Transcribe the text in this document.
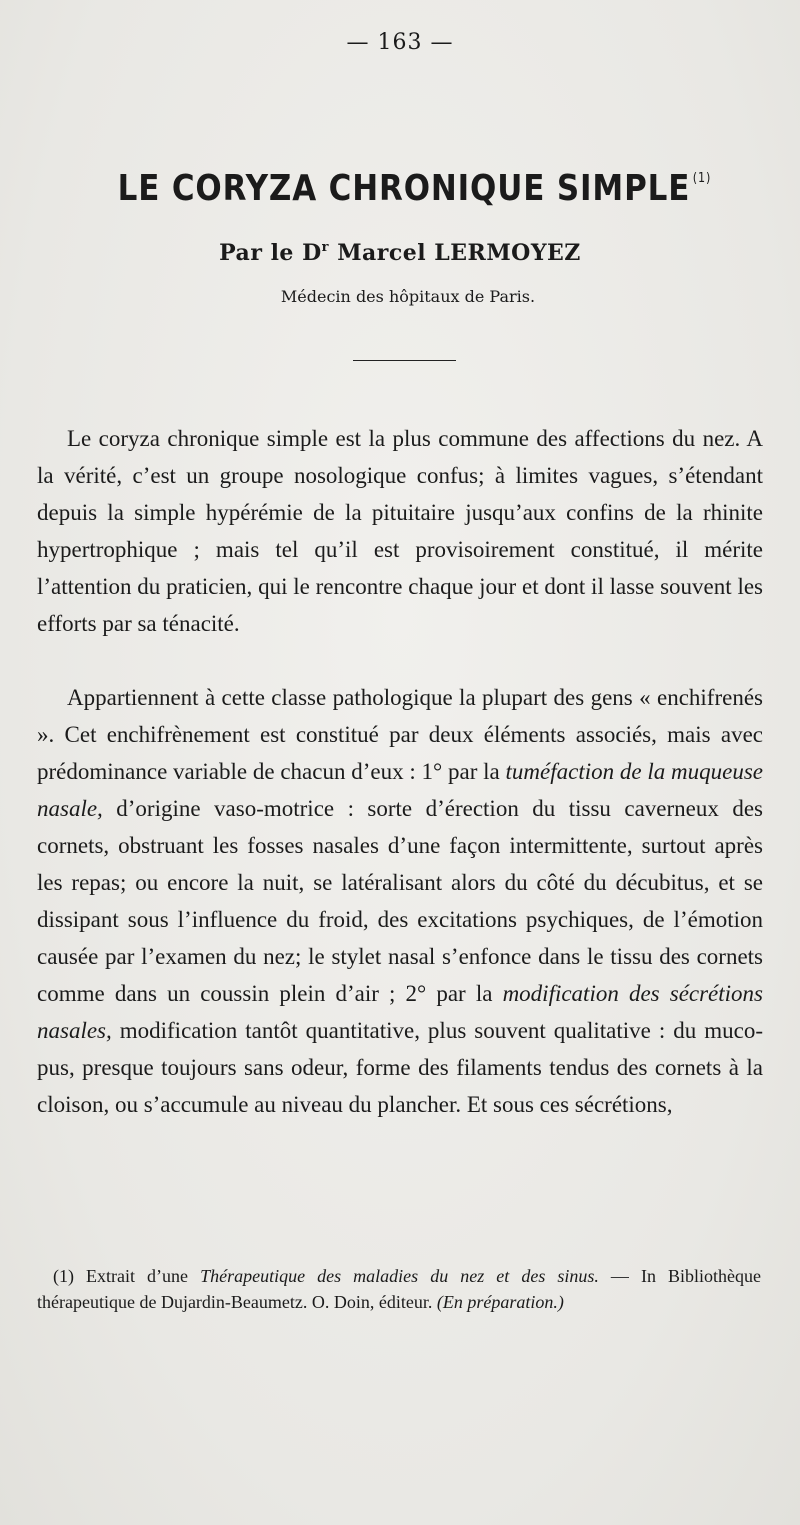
— 163 —
LE CORYZA CHRONIQUE SIMPLE $^{(1)}$
Par le $D^r$ Marcel LERMOYEZ
Médecin des hôpitaux de Paris.

Le coryza chronique simple est la plus commune des affections du nez. A la vérité, c’est un groupe nosologique confus; à limites vagues, s’étendant depuis la simple hypérémie de la pituitaire jusqu’aux confins de la rhinite hypertrophique ; mais tel qu’il est provisoirement constitué, il mérite l’attention du praticien, qui le rencontre chaque jour et dont il lasse souvent les efforts par sa ténacité.

Appartiennent à cette classe pathologique la plupart des gens « enchifrenés ». Cet enchifrènement est constitué par deux éléments associés, mais avec prédominance variable de chacun d’eux : 1° par la tuméfaction de la muqueuse nasale, d’origine vaso-motrice : sorte d’érection du tissu caverneux des cornets, obstruant les fosses nasales d’une façon intermittente, surtout après les repas; ou encore la nuit, se latéralisant alors du côté du décubitus, et se dissipant sous l’influence du froid, des excitations psychiques, de l’émotion causée par l’examen du nez; le stylet nasal s’enfonce dans le tissu des cornets comme dans un coussin plein d’air ; 2° par la modification des sécrétions nasales, modification tantôt quantitative, plus souvent qualitative : du muco-pus, presque toujours sans odeur, forme des filaments tendus des cornets à la cloison, ou s’accumule au niveau du plancher. Et sous ces sécrétions,

(1) Extrait d’une Thérapeutique des maladies du nez et des sinus. — In Bibliothèque thérapeutique de Dujardin-Beaumetz. O. Doin, éditeur. (En préparation.)
